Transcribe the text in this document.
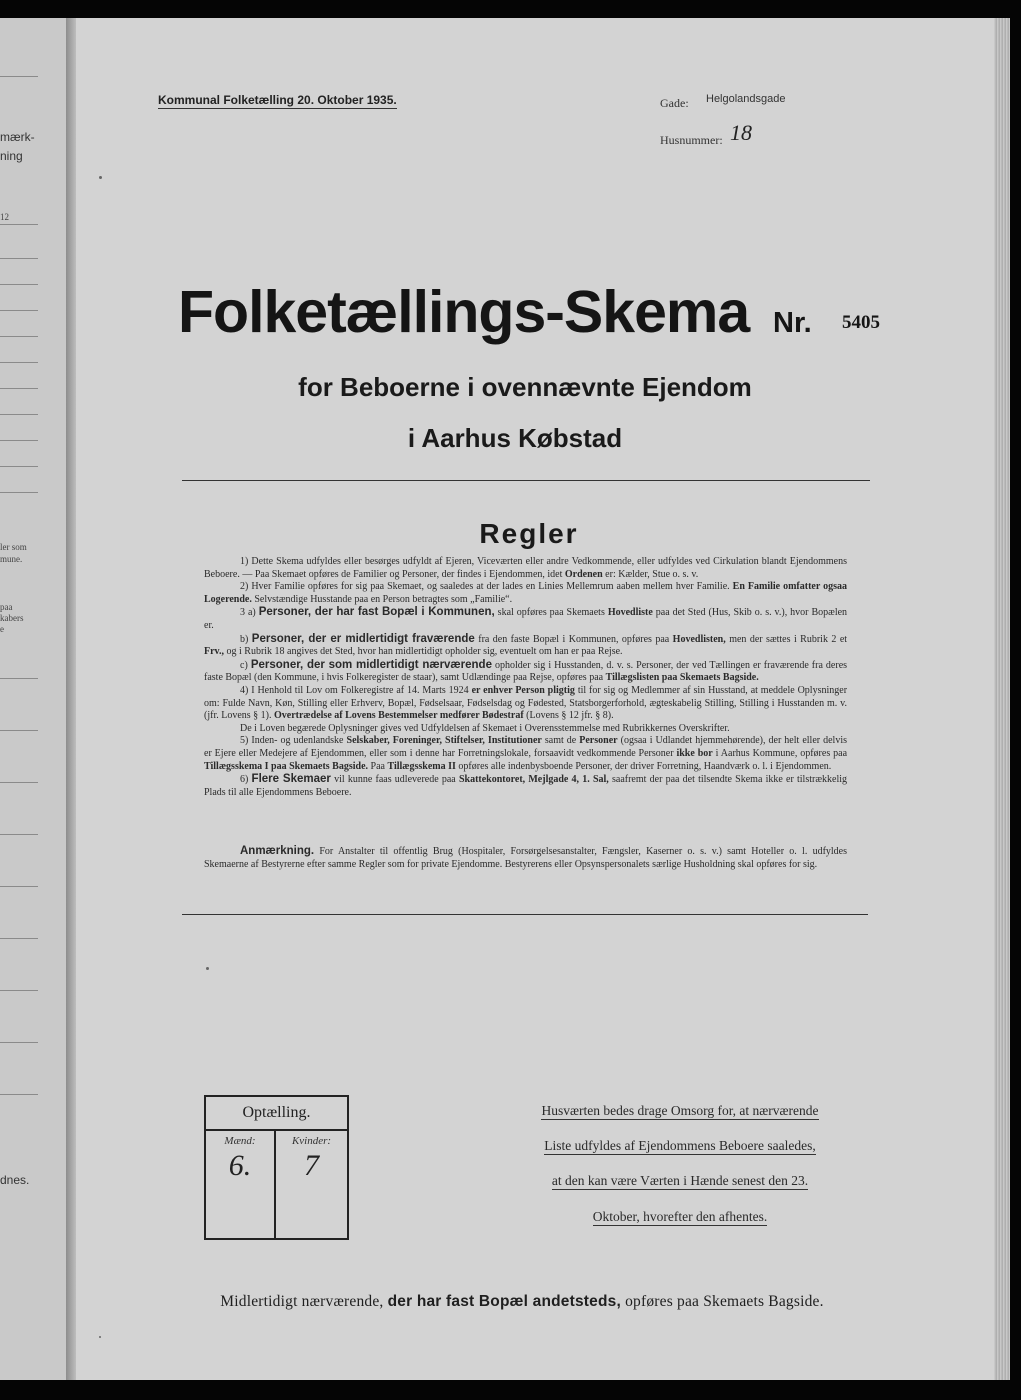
mærk-
ning
12
ler som
mune.
paa
kabers
e
dnes.
Kommunal Folketælling 20. Oktober 1935.	Gade: Helgolandsgade
Husnummer: 18
Folketællings-Skema Nr. 5405
for Beboerne i ovennævnte Ejendom
i Aarhus Købstad
Regler

1) Dette Skema udfyldes eller besørges udfyldt af Ejeren, Viceværten eller andre Vedkommende, eller udfyldes ved Cirkulation blandt Ejendommens Beboere. — Paa Skemaet opføres de Familier og Personer, der findes i Ejendommen, idet Ordenen er: Kælder, Stue o. s. v.

2) Hver Familie opføres for sig paa Skemaet, og saaledes at der lades en Linies Mellemrum aaben mellem hver Familie. En Familie omfatter ogsaa Logerende. Selvstændige Husstande paa en Person betragtes som „Familie“.

3 a) Personer, der har fast Bopæl i Kommunen, skal opføres paa Skemaets Hovedliste paa det Sted (Hus, Skib o. s. v.), hvor Bopælen er.

b) Personer, der er midlertidigt fraværende fra den faste Bopæl i Kommunen, opføres paa Hovedlisten, men der sættes i Rubrik 2 et Frv., og i Rubrik 18 angives det Sted, hvor han midlertidigt opholder sig, eventuelt om han er paa Rejse.

c) Personer, der som midlertidigt nærværende opholder sig i Husstanden, d. v. s. Personer, der ved Tællingen er fraværende fra deres faste Bopæl (den Kommune, i hvis Folkeregister de staar), samt Udlændinge paa Rejse, opføres paa Tillægslisten paa Skemaets Bagside.

4) I Henhold til Lov om Folkeregistre af 14. Marts 1924 er enhver Person pligtig til for sig og Medlemmer af sin Husstand, at meddele Oplysninger om: Fulde Navn, Køn, Stilling eller Erhverv, Bopæl, Fødselsaar, Fødselsdag og Fødested, Statsborgerforhold, ægteskabelig Stilling, Stilling i Husstanden m. v. (jfr. Lovens § 1). Overtrædelse af Lovens Bestemmelser medfører Bødestraf (Lovens § 12 jfr. § 8).

De i Loven begærede Oplysninger gives ved Udfyldelsen af Skemaet i Overensstemmelse med Rubrikkernes Overskrifter.

5) Inden- og udenlandske Selskaber, Foreninger, Stiftelser, Institutioner samt de Personer (ogsaa i Udlandet hjemmehørende), der helt eller delvis er Ejere eller Medejere af Ejendommen, eller som i denne har Forretningslokale, forsaavidt vedkommende Personer ikke bor i Aarhus Kommune, opføres paa Tillægsskema I paa Skemaets Bagside. Paa Tillægsskema II opføres alle indenbysboende Personer, der driver Forretning, Haandværk o. l. i Ejendommen.

6) Flere Skemaer vil kunne faas udleverede paa Skattekontoret, Mejlgade 4, 1. Sal, saafremt der paa det tilsendte Skema ikke er tilstrækkelig Plads til alle Ejendommens Beboere.

Anmærkning. For Anstalter til offentlig Brug (Hospitaler, Forsørgelsesanstalter, Fængsler, Kaserner o. s. v.) samt Hoteller o. l. udfyldes Skemaerne af Bestyrerne efter samme Regler som for private Ejendomme. Bestyrerens eller Opsynspersonalets særlige Husholdning skal opføres for sig.
Optælling.
Mænd:	Kvinder:
6.	7
Husværten bedes drage Omsorg for, at nærværende
Liste udfyldes af Ejendommens Beboere saaledes,
at den kan være Værten i Hænde senest den 23.
Oktober, hvorefter den afhentes.
Midlertidigt nærværende, der har fast Bopæl andetsteds, opføres paa Skemaets Bagside.
